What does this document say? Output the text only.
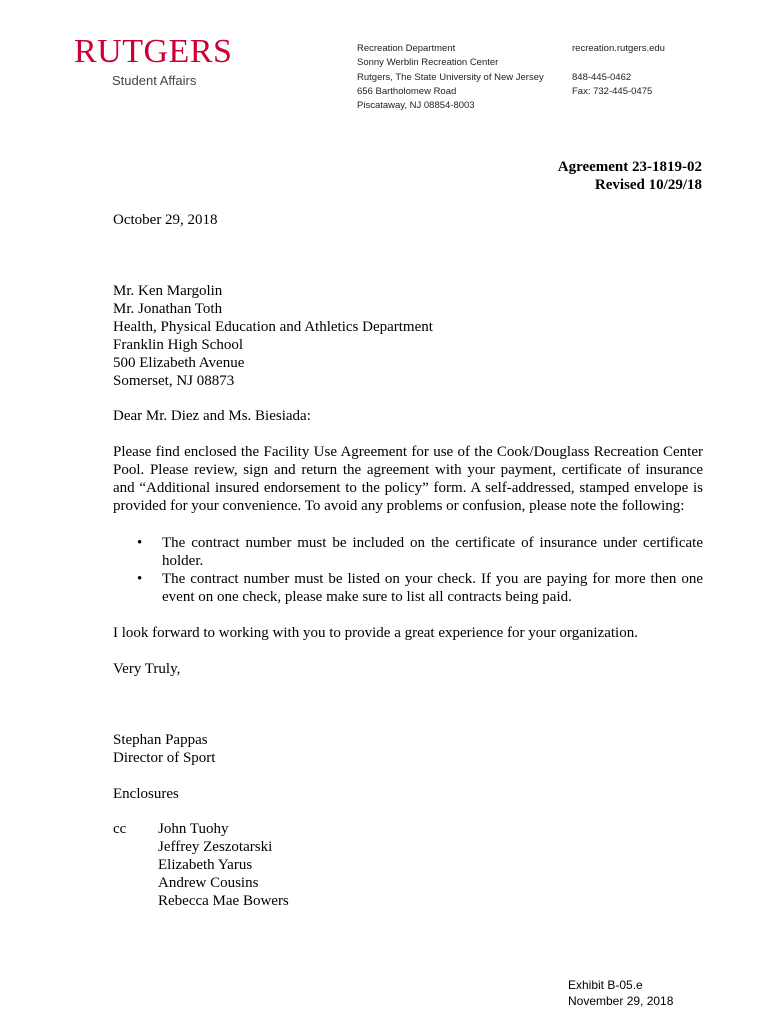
RUTGERS
Student Affairs
Recreation Department
Sonny Werblin Recreation Center
Rutgers, The State University of New Jersey
656 Bartholomew Road
Piscataway, NJ 08854-8003
recreation.rutgers.edu
848-445-0462
Fax: 732-445-0475
Agreement 23-1819-02
Revised 10/29/18
October 29, 2018
Mr. Ken Margolin
Mr. Jonathan Toth
Health, Physical Education and Athletics Department
Franklin High School
500 Elizabeth Avenue
Somerset, NJ 08873
Dear Mr. Diez and Ms. Biesiada:
Please find enclosed the Facility Use Agreement for use of the Cook/Douglass Recreation Center Pool. Please review, sign and return the agreement with your payment, certificate of insurance and “Additional insured endorsement to the policy” form. A self-addressed, stamped envelope is provided for your convenience. To avoid any problems or confusion, please note the following:
• The contract number must be included on the certificate of insurance under certificate holder.
• The contract number must be listed on your check. If you are paying for more then one event on one check, please make sure to list all contracts being paid.
I look forward to working with you to provide a great experience for your organization.
Very Truly,
Stephan Pappas
Director of Sport
Enclosures
cc John Tuohy
Jeffrey Zeszotarski
Elizabeth Yarus
Andrew Cousins
Rebecca Mae Bowers
Exhibit B-05.e
November 29, 2018
